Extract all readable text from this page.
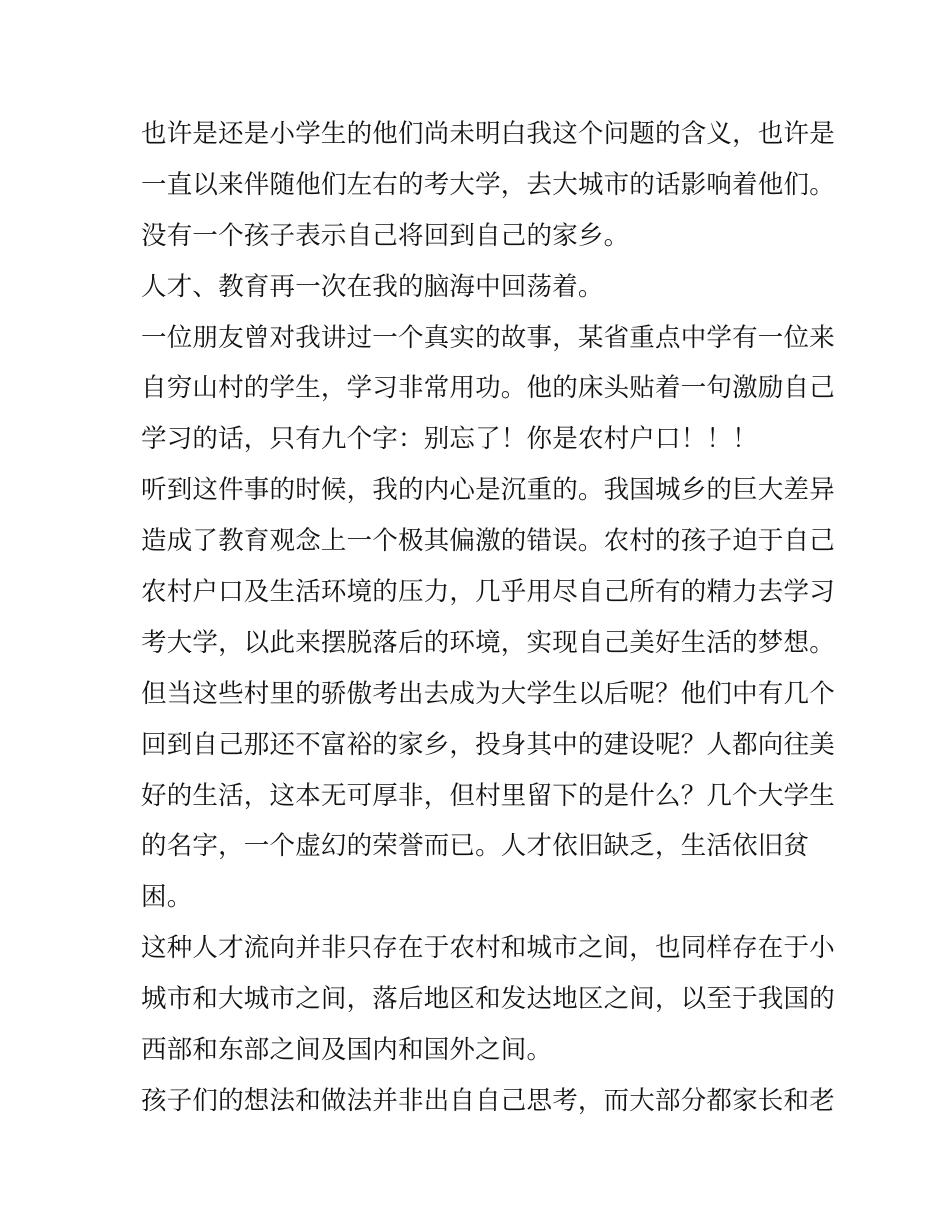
也许是还是小学生的他们尚未明白我这个问题的含义，也许是
一直以来伴随他们左右的考大学，去大城市的话影响着他们。
没有一个孩子表示自己将回到自己的家乡。
人才、教育再一次在我的脑海中回荡着。
一位朋友曾对我讲过一个真实的故事，某省重点中学有一位来
自穷山村的学生，学习非常用功。他的床头贴着一句激励自己
学习的话，只有九个字：别忘了！你是农村户口！！！
听到这件事的时候，我的内心是沉重的。我国城乡的巨大差异
造成了教育观念上一个极其偏激的错误。农村的孩子迫于自己
农村户口及生活环境的压力，几乎用尽自己所有的精力去学习
考大学，以此来摆脱落后的环境，实现自己美好生活的梦想。
但当这些村里的骄傲考出去成为大学生以后呢？他们中有几个
回到自己那还不富裕的家乡，投身其中的建设呢？人都向往美
好的生活，这本无可厚非，但村里留下的是什么？几个大学生
的名字，一个虚幻的荣誉而已。人才依旧缺乏，生活依旧贫
困。
这种人才流向并非只存在于农村和城市之间，也同样存在于小
城市和大城市之间，落后地区和发达地区之间，以至于我国的
西部和东部之间及国内和国外之间。
孩子们的想法和做法并非出自自己思考，而大部分都家长和老
